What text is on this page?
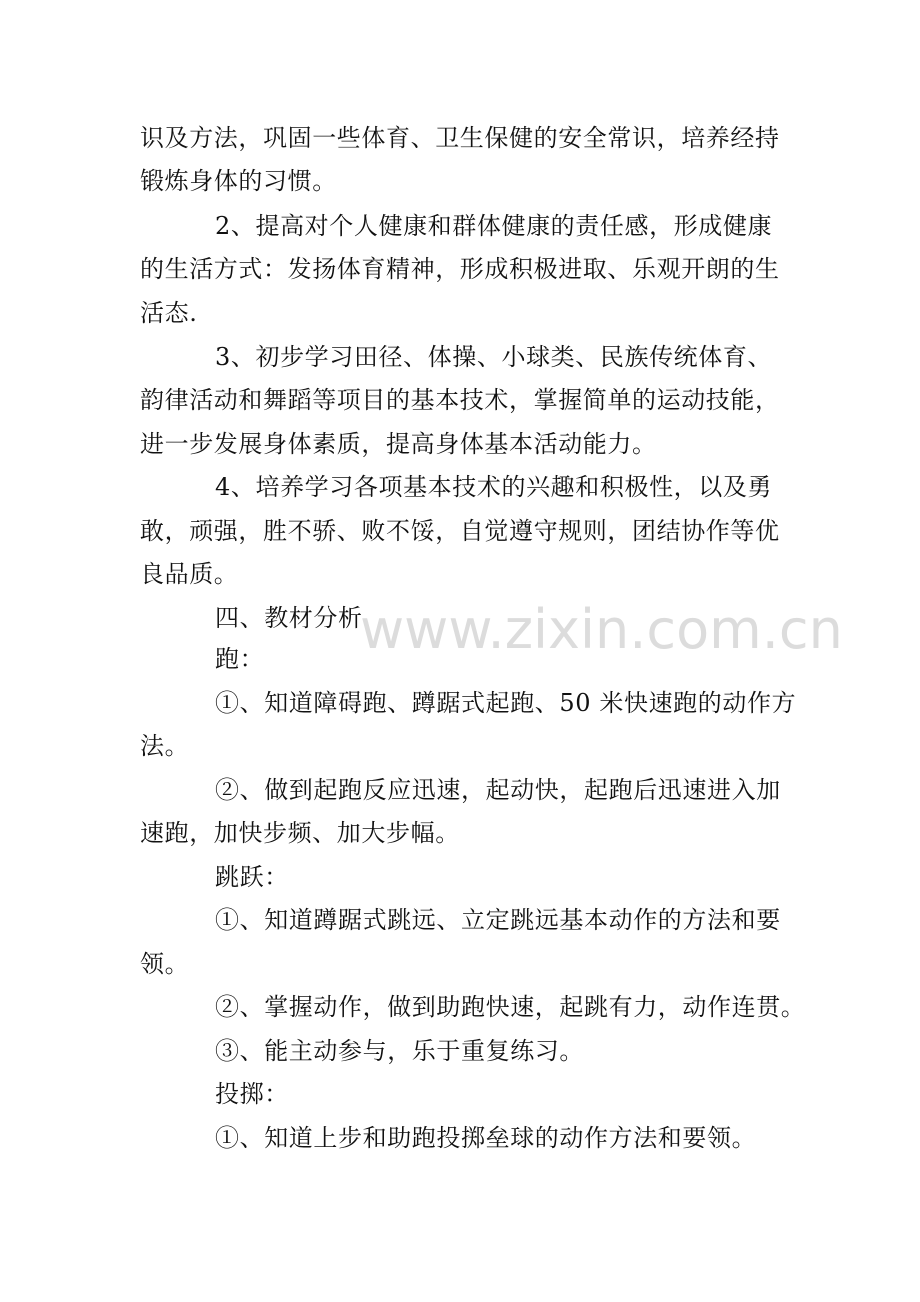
识及方法，巩固一些体育、卫生保健的安全常识，培养经持
锻炼身体的习惯。
2、提高对个人健康和群体健康的责任感，形成健康
的生活方式：发扬体育精神，形成积极进取、乐观开朗的生
活态.
3、初步学习田径、体操、小球类、民族传统体育、
韵律活动和舞蹈等项目的基本技术，掌握简单的运动技能，
进一步发展身体素质，提高身体基本活动能力。
4、培养学习各项基本技术的兴趣和积极性，以及勇
敢，顽强，胜不骄、败不馁，自觉遵守规则，团结协作等优
良品质。
四、教材分析
跑：
①、知道障碍跑、蹲踞式起跑、50 米快速跑的动作方
法。
②、做到起跑反应迅速，起动快，起跑后迅速进入加
速跑，加快步频、加大步幅。
跳跃：
①、知道蹲踞式跳远、立定跳远基本动作的方法和要
领。
②、掌握动作，做到助跑快速，起跳有力，动作连贯。
③、能主动参与，乐于重复练习。
投掷：
①、知道上步和助跑投掷垒球的动作方法和要领。
www.zixin.com.cn
